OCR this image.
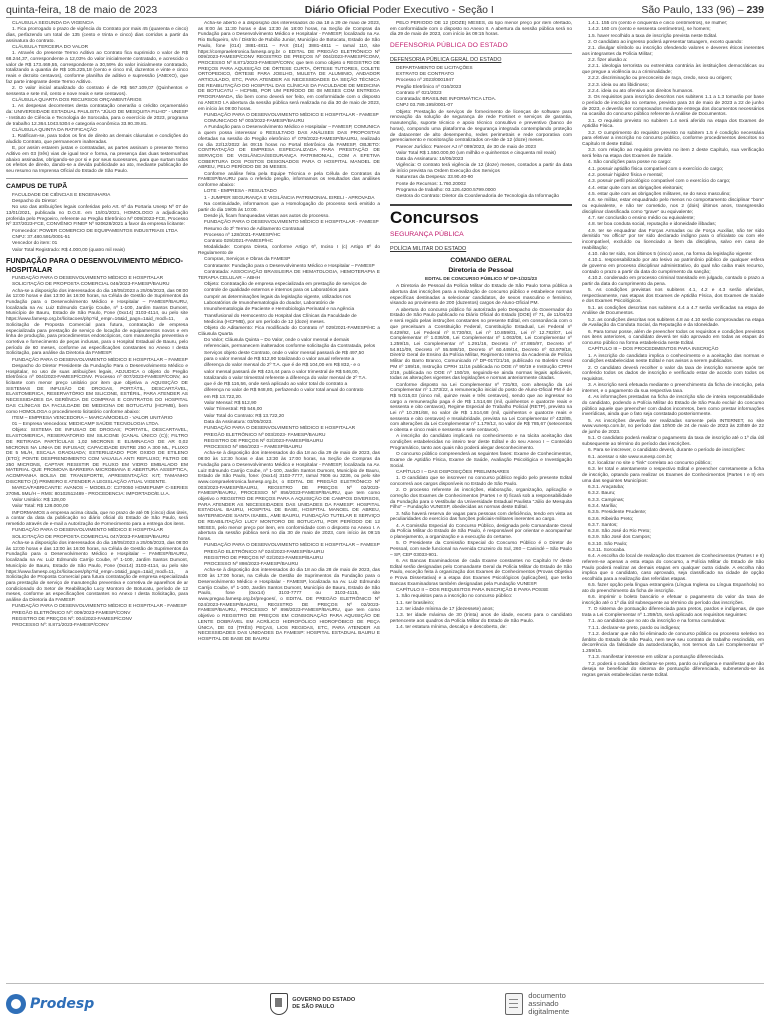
quinta-feira, 18 de maio de 2023	Diário Oficial Poder Executivo - Seção I	São Paulo, 133 (96) – 239

CLÁUSULA SEGUNDA DA VIGÊNCIA

1. Fica prorrogado o prazo de vigência do Contrato por mais 45 (quarenta e cinco) dias, perfazendo um total de 135 (cento e trinta e cinco) dias corridos a partir da assinatura do contrato.

CLÁUSULA TERCEIRA DO VALOR

1. Através do presente Termo Aditivo ao Contrato fica suprimido o valor de R$ 68.244,37, correspondente a 12,03% do valor inicialmente contratado, e acrescido o valor de R$ 173.469,55, correspondente a 30,59% do valor inicialmente contratado, totalizando a quantia de R$ 105.225,18 (cento e cinco mil, duzentos e vinte e cinco reais e dezoito centavos), conforme planilha de aditivo e supressão (ANEXO), que faz parte integrante deste Termo Aditivo.

2. O valor inicial atualizado do contrato é de R$ 567.109,07 (Quinhentos e sessenta e sete mil, cento e nove reais e sete centavos).

CLÁUSULA QUARTA DOS RECURSOS ORÇAMENTÁRIOS

1. As despesas decorrentes desta contratação onerarão o crédito orçamentário da: UNIVERSIDADE ESTADUAL PAULISTA "JÚLIO DE MESQUITA FILHO" - UNESP - Instituto de Ciência e Tecnologia de Sorocaba, para o exercício de 2023, programa de trabalho 12.364.1043.5304 e categoria econômica 33.90.39.81.

CLÁUSULA QUINTA DA RATIFICAÇÃO

1. Ratificam-se, para todos os fins de direito as demais cláusulas e condições do aludido Contrato, que permanecem inalteradas.

E, por assim estarem justas e contratadas, as partes assinam o presente Termo Aditivo em 03 (três) vias de igual teor e forma, na presença das duas testemunhas abaixo assinadas, obrigando-se por si e por seus sucessores, para que surtam todos os efeitos de direito, dando-se a devida publicidade ao ato, mediante publicação de seu resumo na Imprensa Oficial do Estado de São Paulo.

CAMPUS DE TUPÃ

FACULDADE DE CIÊNCIAS E ENGENHARIA

Despacho do Diretor:

No uso das atribuições legais conferidas pelo Art. 6º da Portaria Unesp Nº 07 de 13/01/2021, publicada no D.O.E. em 15/01/2021, HOMOLOGO a adjudicação proferida pelo Pregoeiro, referente ao Pregão Eletrônico Nº 009/2023-FCE, Processo Nº 337/2023-FCE, CONVÊNIO FINEP Nº 920628/2021 a favor da empresa licitante:

Fornecedor: POWER COMERCIO DE EQUIPAMENTOS INDUSTRIAIS LTDA

CNPJ: 37.480.591/0001-51

Vencedor do item: 01

Valor Total Registrado: R$ 4.000,00 (quatro mil reais)

FUNDAÇÃO PARA O DESENVOLVIMENTO MÉDICO-HOSPITALAR

FUNDAÇÃO PARA O DESENVOLVIMENTO MÉDICO E HOSPITALAR

SOLICITAÇÃO DE PROPOSTA COMERCIAL 046/2023-FAMESP/BAURU

Acha-se a disposição dos interessados do dia 18/05/2023 a 25/05/2023, das 08:00 às 12:00 horas e das 13:00 às 16:00 horas, na Célula de Gestão de Suprimentos da Fundação para o Desenvolvimento Médico e Hospitalar – FAMESP/BAURU, localizada na Av. Luiz Edmundo Carrijo Coube, nº 1-100, Jardim Santos Dumont, Município de Bauru, Estado de São Paulo, Fone (0xx14) 3103-4114, ou pelo site https://www.famesp.org.br/licitacoes/php?id_empr=16&id_pagn=1&id_modl=11, a Solicitação de Proposta Comercial para futura, contratação de empresa especializada para prestação de serviço de locação de equipamentos novos e em linha de produção, para procedimentos endoscópicos, com manutenção preventiva e corretiva e fornecimento de peças inclusas, para o Hospital Estadual de Bauru, pelo período de 60 meses, conforme as especificações constantes no Anexo I desta Solicitação, para análise da Diretoria da FAMESP.

FUNDAÇÃO PARA O DESENVOLVIMENTO MÉDICO E HOSPITALAR – FAMESP

Despacho do Diretor Presidente da Fundação Para o Desenvolvimento Médico e Hospitalar, no uso de suas atribuições legais, ADJUDICA o objeto do Pregão Eletrônico nº 004/2023-FAMESP/CONV. Processo nº 007/2023-FAMESP/CONV, ao licitante com menor preço unitário por item que objetiva a AQUISIÇÃO DE SISTEMAS DE INFUSÃO DE DROGAS, PORTÁTIL, DESCARTÁVEL, ELASTOMERICA, RESERVATÓRIO EM SILICONE, ESTÉRIL, PARA ATENDER AS NECESSIDADES DA GERÊNCIA DE COMPRAS E CONTRATOS DO HOSPITAL DAS CLÍNICAS DA FACULDADE DE MEDICINA DE BOTUCATU (HCFMB), bem como HOMOLOGA o procedimento licitatório conforme abaixo:

ITEM – EMPRESA VENCEDORA – MARCA/MODELO - VALOR UNITÁRIO

01 – Empresa Vencedora: MEDICAMP SAÚDE TECNOLOGIA LTDA.

Objeto: SISTEMA DE INFUSAO DE DROGAS; PORTATIL, DESCARTAVEL, ELASTOMERICA, RESERVATORIO EM SILICONE (CANAL ÚNICO (C)); FILTRO DE RETIRADA PARTÍCULAS 1,02 MICRONS E ELIMINACAO DE AR 0,02 MICRONS NA LINHA DE INFUSAO; CAPACIDADE ENTRE 250 A 300 ML, FLUXO DE 5 ML/H, ESCALA GRADUADA; ESTERILIZADO POR OXIDO DE ETILENO (ETO); PONTE DESPRENDIMENTO COM VALVULA ANTI REFLUXO; FILTRO DE 250 MICRONS, CAPTAR RESISTIR DE FLUXO EM VIDRO EMBALADO EM MATERIAL QUE PROMOVA BARREIRA MICROBIANA E ABERTURA ASSEPTICA, ACOMPANHA BOLSA DE TRANSPORTE, APRESENTAÇÃO: KIT; TAMANHO DISCRETO (3) PRIMEIRO E ATENDER A LEGISLAÇÃO ATUAL VIGENTE.

MARCA/FABRICANTE: AVANOS – MODELO: C270050 HOMEPUMP C-SERIES 270ML 5ML/H – RMS: 80102512489 - PROCEDENCIA: IMPORTADO/E.U.A.

Valor Unitário: R$ 128,00

Valor Total: R$ 128.000,00

INFORMAMOS a empresa acima citada, que no prazo de até 05 (cinco) dias úteis, a contar da data da publicação no diário oficial do Estado de São Paulo, será remetido através de e-mail a Autorização de Fornecimento para a entrega dos itens.

FUNDAÇÃO PARA O DESENVOLVIMENTO MÉDICO E HOSPITALAR

SOLICITAÇÃO DE PROPOSTA COMERCIAL 047/2023-FAMESP/BAURU

Acha-se a disposição dos interessados do dia 18/05/2023 a 25/05/2023, das 08:00 às 12:00 horas e das 13:00 às 16:00 horas, na Célula de Gestão de Suprimentos da Fundação para o Desenvolvimento Médico e Hospitalar – FAMESP/BAURU, localizada na Av. Luiz Edmundo Carrijo Coube, nº 1-100, Jardim Santos Dumont, Município de Bauru, Estado de São Paulo, Fone (0xx14) 3103-4114, ou pelo site https://www.famesp.org.br/licitacoes/php?id_empr=16&id_pagn=1&id_modl=11, a Solicitação de Proposta Comercial para futura contratação de empresa especializada para prestação de serviço de manutenção preventiva e corretiva de aparelhos de ar condicionado do Setor de Reabilitação Lucy Montoro de Botucatu, período de 12 meses, conforme as especificações constantes no Anexo I desta Solicitação, para análise da Diretoria da FAMESP.

FUNDAÇÃO PARA O DESENVOLVIMENTO MÉDICO E HOSPITALAR - FAMESP

PREGÃO ELETRÔNICO Nº: 009/2023-FAMESP/CONV

REGISTRO DE PREÇOS Nº: 004/2023-FAMESP/CONV

PROCESSO Nº: 8.871/2023-FAMESP/CONV

Acha-se aberto e à disposição dos interessados do dia 18 a 29 de maio de 2023, as 8:00 às 11:30 horas e das 13:30 às 18:00 horas, na Seção de Compras da Fundação para o Desenvolvimento Médico e Hospitalar - FAMESP, localizado na Av. Rio Bufiqueiro, s/n / Distrito de Rubião Junior, Município de Botucatu, Estado de São Paulo, fone (014) 3881-4811 – FAX (014) 3881-4811 – ramal 110, site https://compraeletronica.famesp.org.br o EDITAL DE PREGÃO ELETRÔNICO Nº 009/2023-FAMESP/CONV REGISTRO DE PREÇOS Nº 004/2023-FAMESP/CONV, PROCESSO Nº 8.871/2023-FAMESP/CONV, que tem como objeto o REGISTRO DE PREÇOS PARA AQUISIÇÃO DE ÓRTESE CURTA, ÓRTESE TUTORES, COLETE ORTOPEDICO, ÓRTESE PARA JOELHO, MULETA DE ALUMINIO, ANDADOR ARTICULADO, ETC, PARA ATENDER AS NECESSIDADES DA SEÇÃO TÉCNICA DE REABILITAÇÃO DO HOSPITAL DAS CLÍNICAS DA FACULDADE DE MEDICINA DE BOTUCATU – HCFMB, POR UM PERÍODO DE 08 MESES COM ENTREGA PROGRAMADA, tão bem como deverá ser feito, em conformidade com o disposto no ANEXO I.A abertura da sessão pública será realizada no dia 30 de maio de 2023, em início às 09:00 horas.

FUNDAÇÃO PARA O DESENVOLVIMENTO MÉDICO E HOSPITALAR - FAMESP

COMUNICADO Nº 003/2022-FAMESP/BAURU

A Fundação para o Desenvolvimento Médico e Hospitalar – FAMESP, COMUNICA a quem possa interessar o RESULTADO DAS ANÁLISES DAS PROPOSTAS ofertadas na sessão do Pregão eletrônico nº 079/2022-FAMESP/BAURU, realizado no dia 22/12/2022 às 09:15 horas no Portal Eletrônico da FAMESP, OBJETO: CONTRATAÇÃO DE EMPRESA ESPECIALIZADA PARA PRESTAÇÃO DE SERVIÇOS DE VIGILÂNCIA/SEGURANÇA PATRIMONIAL, COM A EFETIVA COBERTURA DOS POSTOS DESIGNADOS PARA O HOSPITAL MANOEL DE ABREU, PELO PERÍODO DE 36 MESES.

Conforme análise feita pela Equipe Técnica e pela Célula de Contratos da FAMESP/BAURU para o referido pregão, informamos os resultados das análises conforme abaixo:

LOTE - EMPRESA - RESULTADO

1 - JUMPER SEGURANÇA E VIGILÂNCIA PATRIMONIAL EIRELI - APROVADA

Na continuidade, informamos que a Homologação do processo será emitido a partir do dia 19/05 às 10:00.

Desde já, ficam franqueadas vistas aos autos do processo.

FUNDAÇÃO PARA O DESENVOLVIMENTO MÉDICO E HOSPITALAR - FAMESP

Resumo do 3º Termo de Aditamento Contratual

Processo nº 128/2021-FAMESP/HC

Contrato 029/2021-FAMESP/HC

Modalidade: Compra Direta, conforme Artigo 6º, Inciso I (c) Artigo 8º do Regulamento de

Compras, Serviços e Obras da FAMESP

Contratante: Fundação para o Desenvolvimento Médico e Hospitalar – FAMESP

Contratada: ASSOCIAÇÃO BRASILEIRA DE HEMATOLOGIA, HEMOTERAPIA E TERAPIA CELULAR – ABHH

Objeto: Contratação de empresa especializada em prestação de serviços de

controle de qualidade externos e internos para os Laboratórios para

cumprir as determinações legais da legislação vigente, utilizados nos

Laboratórios de Imunohematologia do doador, Laboratório de

Imunohematologia de Paciente e Hemobiologia Perinatal e na Agência

Transfusional do Hemocentro do Hospital das Clínicas da Faculdade de

Medicina (HCFMB), por um período de 12 (doze) meses.

Objeto do Aditamento: Fica modificado do Contrato nº 029/2021-FAMESP/HC a Cláusula Quarta

Do Valor; Cláusula Quinta – Do Valor, onde o valor mensal e demais

referenciais, permanecem inalterados conforme solicitação da Contratada, pelos

Serviços objeto deste Contrato, onde o valor mensal passará de R$ 497,50

para o valor mensal de R$ 512,90 totalizando o valor anual referente a

diferença do valor mensal do 2º T.A. que é de R$ 104,00 em R$ 832,- e o

valor mensal passará de R$ 424,44 para o valor trimestral de R$ 546,00,

totalizando o valor trimestral referente a diferença do valor mensal de 2º T.A.

que é de R$ 116,56, onde será aplicado ao valor total do contrato a

diferença no valor de R$ 948,80, perfazendo o valor total anual do contrato

em R$ 13.722,20.

Valor Mensal: R$ 512,90

Valor Trimestral: R$ 546,00

Valor Total do Contrato: R$ 13.722,20

Data da Assinatura: 03/05/2023.

FUNDAÇÃO PARA O DESENVOLVIMENTO MÉDICO E HOSPITALAR

PREGÃO ELETRÔNICO Nº 003/2023- FAMESP/BAURU

REGISTRO DE PREÇOS Nº 02/2023-FAMESP/BAURU

PROCESSO Nº 856/2023 – FAMESP/BAURU

Acha-se à disposição dos interessados do dia 18 ao dia 29 de maio de 2023, das 08:00 às 12:30 horas e das 13:30 às 17:00 horas, na Seção de Compras da Fundação para o Desenvolvimento Médico e Hospitalar - FAMESP, localizada na Av. Luiz Edmundo Carrijo Coube, nº 1-100, Jardim Santos Dumont, Município de Bauru, Estado de São Paulo, fone: (0xx14) 3103-7777, ramal 7606 ou 3236, ou pelo site www.compraeletronica.famesp.org.br, o EDITAL DE PREGÃO ELETRÔNICO Nº 003/2023-FAMESP/BAURU, REGISTRO DE PREÇOS Nº 02/2023-FAMESP/BAURU, PROCESSO Nº 856/2023-FAMESP/BAURU, que tem como objetivo o REGISTRO DE PREÇOS PARA A AQUISIÇÃO DE CAMPOS DIVERSOS, PARA ATENDER AS NECESSIDADES DAS UNIDADES DA FAMESP: HOSPITAL ESTADUAL BAURU, HOSPITAL DE BASE, HOSPITAL MANOEL DE ABREU, MATERNIDADE SANTA ISABEL, AME BAURU, FUNDAÇÃO TUTELAR E SERVIÇO DE REABILITAÇÃO LUCY MONTORO DE BOTUCATU, POR PERÍODO DE 12 MESES, pelo menor preço por item, em conformidade com o disposto no Anexo I. A abertura da sessão pública será no dia 30 de maio de 2023, com início às 09:15 horas.

FUNDAÇÃO PARA O DESENVOLVIMENTO MÉDICO E HOSPITALAR – FAMESP

PREGÃO ELETRÔNICO Nº 024/2023-FAMESP/BAURU

REGISTRO DE PREÇOS Nº 02/2023-FAMESP/BAURU

PROCESSO Nº 898/2023-FAMESP/BAURU

Acha-se à disposição dos interessados do dia 18 ao dia 28 de maio de 2023, das 8:00 às 17:00 horas, na Célula de Gestão de Suprimentos da Fundação para o Desenvolvimento Médico e Hospitalar - FAMESP, localizada na Av. Luiz Edmundo Carrijo Coube, nº 1-100, Jardim Santos Dumont, Município de Bauru, Estado de São Paulo, fone (0xx14) 3103-7777 ou 3103-4115, site www.pregao.famesp.org.br/pregoes/, o EDITAL DE PREGÃO ELETRÔNICO Nº 024/2023-FAMESP/BAURU, REGISTRO DE PREÇOS Nº 02/2023-FAMESP/BAURU, PROCESSO Nº 898/2023-FAMESP/BAURU, que tem como objetivo o REGISTRO DE PREÇOS EM CONSIGNAÇÃO PARA AQUISIÇÃO DE LENTE DOBRÁVEL EM ACRÍLICO HIDROFÓLICO HIDROFÓBICO DE PEÇA ÚNICA, DE 03 (TRÊS) PEÇAS, LIOS REGIDAS, ETC, PARA ATENDER AS NECESSIDADES DAS UNIDADES DA FAMESP: HOSPITAL ESTADUAL BAURU E HOSPITAL DE BASE DE BAURU

PELO PERÍODO DE 12 (DOZE) MESES, do tipo menor preço por item ofertado, em conformidade com o disposto no Anexo II. A abertura da sessão pública será no dia 29 de maio de 2023, com início às 09:15 horas.

DEFENSORIA PÚBLICA DO ESTADO
DEFENSORIA PÚBLICA GERAL DO ESTADO

DEPARTAMENTO DE LICITAÇÕES

EXTRATO DE CONTRATO

Processo nº 2023/0001947

Pregão Eletrônico nº 016/2023

Contrato nº 021/2023

Contratada: BRASILINE INFORMÁTICA LTDA.

CNPJ 03.789.195/0001-07

Objeto: Prestação de serviços de fornecimento de licenças de software para renovação da solução de segurança de rede Fortinet e serviços de garantia, manutenção, suporte técnico e apoio técnico consultivo e preventivo (banco de horas), compondo uma plataforma de segurança integrada contemplando proteção de datacenter de alto desempenho, redes perimetrais e rede corporativa com gerenciamento e monitoração centralizados on-site de 12 (doze) meses.

Parecer Jurídico: Parecer AJ nº 089/2023, de 30 de maio de 2023

Valor Total R$ 1.550.000,00 (um milhão e quinhentos e cinquenta mil reais)

Data da Assinatura: 16/05/2023

Vigência: O contrato terá vigência de 12 (doze) meses, contados a partir da data de início prevista na Ordem Execução dos Serviços

Naturezas da Despesa: 33.90.40-90

Fonte de Recursos: 1.760.20002

Programa de trabalho: 03.126.4200.5799.0000

Gestora do Contrato: Diretor da Coordenadoria de Tecnologia da Informação

Concursos
SEGURANÇA PÚBLICA
POLÍCIA MILITAR DO ESTADO
COMANDO GERAL
Diretoria de Pessoal

EDITAL DE CONCURSO PÚBLICO Nº DP-1/321/23

A Diretoria de Pessoal da Polícia Militar do Estado de São Paulo torna pública a abertura das inscrições para a realização de concurso público e estabelece normas específicas destinadas a selecionar candidatos, de sexos masculino e feminino, visando ao provimento de 200 (duzentos) cargos de Aluno-Oficial PM.

A abertura do concurso público foi autorizada pelo Despacho do Governador do Estado de São Paulo publicado no Diário Oficial do Estado (DOE) nº 71, de 11/04/23 e será regido pelas instruções constantes no presente Edital, em consonância com o que preceituam a Constituição Federal, Constituição Estadual, Lei Federal nº 8.429/92, Lei Federal nº 8.730/93, Lei nº 10.859/01, Lei nº 12.782/07, Lei Complementar nº 1.036/08, Lei Complementar nº 1.063/08, Lei Complementar nº 1.259/15, Lei Complementar nº 1.291/16, Decreto nº 47.865/97, Decreto nº 54.911/09, Decreto nº 55.588/10, Decreto nº 60.449/14, Decreto nº 63.979/18, Diretriz Geral de Ensino da Polícia Militar, Regimento Interno da Academia de Polícia Militar do Barro Branco, Comunicado nº DP-017/21/16, publicado no Boletim Geral PM nº 189/16, Instrução CPRH 11/16 publicada no DOE nº 90/19 e Instrução CPRH 2/19, publicada no DOE nº 150/19, seguindo-se ainda normas legais aplicáveis, todas as alterações vigentes das legislações e normas anteriormente citadas.

Conforme disposto na Lei Complementar nº 731/93, com alteração da Lei Complementar nº 1.373/22, a remuneração inicial do posto de Aluno-Oficial PM é de R$ 5.015,03 (cinco mil, quinze reais e três centavos), sendo que ao ingressar no cargo a remuneração paga é de R$ 1.514,68 (mil, quinhentos e quatorze reais e sessenta e oito centavos), Regime Especial de Trabalho Policial (RETP), previsto na Lei nº 10.291/68, no valor de R$ 1.514,68 (mil, quinhentos e quatorze reais e sessenta e oito centavos) e Insalubridade, prevista na Lei Complementar nº 432/85, com alterações da Lei Complementar nº 1.179/12, no valor de R$ 785,67 (setecentos e oitenta e cinco reais e sessenta e sete centavos).

A inscrição do candidato implicará no conhecimento e na tácita aceitação das condições estabelecidas no inteiro teor deste Edital e do seu Anexo I – Conteúdo Programático, tanto aos quais não poderá alegar desconhecimento.

O concurso público compreenderá as seguintes fases: Exame de Conhecimentos, Exame de Aptidão Física, Exame de Saúde, Avaliação Psicológica e Investigação Social.

CAPÍTULO I – DAS DISPOSIÇÕES PRELIMINARES

1. O candidato que se inscrever no concurso público regido pelo presente Edital concorrerá aos cargos disponíveis no Estado de São Paulo.

2. O processo referente às inscrições, elaboração, organização, aplicação e correção dos Exames de Conhecimentos (Partes I e II) ficará sob a responsabilidade da Fundação para o Vestibular da Universidade Estadual Paulista "Júlio de Mesquita Filho" – Fundação VUNESP, obedecidas as normas deste Edital.

3. Não haverá reserva de vagas para pessoas com deficiência, tendo em vista as peculiaridades do exercício das funções policiais-militares inerentes ao cargo.

4. A Comissão Especial do Concurso Público, designada pelo Comandante Geral da Polícia Militar do Estado de São Paulo, é responsável por orientar e acompanhar o planejamento, a organização e a execução do certame.

5. O Presidente da Comissão Especial do Concurso Público é o Diretor de Pessoal, com sede funcional na Avenida Cruzeiro do Sul, 260 – Canindé – São Paulo – SP, CEP 03033-901.

6. As Bancas Examinadoras de cada Exame constantes no Capítulo IV deste Edital serão designadas pelo Comandante Geral da Polícia Militar do Estado de São Paulo, exceção feita à organização dos Exames de Conhecimentos (Provas Objetiva e Prova Dissertativa) e a etapa dos Exames Psicológicos (aplicações), que terão Bancas Examinadoras também designadas pela Fundação VUNESP.

CAPÍTULO II – DOS REQUISITOS PARA INSCRIÇÃO E PARA POSSE

1. São requisitos para a inscrição no concurso público:

1.1. ser brasileiro;

1.2. ter idade mínima de 17 (dezessete) anos;

1.3. ter idade máxima de 30 (trinta) anos de idade, exceto para o candidato pertencente aos quadros da Polícia Militar do Estado de São Paulo.

1.4. ter estatura mínima, descalço e descoberto, de:

1.4.1. 155 cm (cento e cinquenta e cinco centímetros), se mulher;

1.4.2. 160 cm (cento e sessenta centímetros), se homem;

1.5. haver recolhido a taxa de inscrição prevista neste Edital.

2. O candidato ao ingresso poderá apresentar tatuagem, exceto quando:

2.1. divulgar símbolo ou inscrição ofendendo valores e deveres éticos inerentes aos integrantes da Polícia Militar;

2.2. fizer alusão a:

2.2.1. ideologia terrorista ou extremista contrária às instituições democráticas ou que pregue a violência ou a criminalidade;

2.2.2. discriminação ou preconceito de raça, credo, sexo ou origem;

2.2.3. ideia ou ato libidinoso;

2.2.4. ideia ou ato ofensivo aos direitos humanos.

3. Os requisitos para inscrição descritos nos subitens 1.1 a 1.3 tomarão por base o período de inscrição no certame, previsto para 24 de maio de 2023 a 22 de junho de 2023, e deverão ser comprovados mediante entrega dos documentos necessários na ocasião do concurso público referente à Análise de Documentos.

3.1. O requisito previsto no subitem 1.4 será aferido na etapa dos Exames de Aptidão Física.

3.2. O cumprimento do requisito previsto no subitem 1.5 é condição necessária para efetivar a inscrição no concurso público, conforme procedimentos descritos no Capítulo III deste Edital.

3.3. com relação ao requisito previsto no item 2 deste Capítulo, sua verificação será feita na etapa dos Exames de Saúde.

4. São condições para posse no cargo:

4.1. possuir aptidão física compatível com o exercício do cargo;

4.2. possuir higidez física e mental;

4.3. possuir perfil psicológico compatível com o exercício do cargo;

4.4. estar quite com as obrigações eleitorais;

4.5. estar quite com as obrigações militares, se do sexo masculino;

4.6. se militar, estar enquadrado pelo menos no comportamento disciplinar "bom" ou equivalente, e não ter cometido, nos 2 (dois) últimos anos, transgressão disciplinar classificada como "grave" ou equivalente;

4.7. ser conclusão o ensino médio ou equivalente;

4.8. ter boa conduta social, reputação e idoneidade ilibadas;

4.9. ter se enquadrar das Forças Armadas ou de Força Auxiliar, não ter sido demitido "ex officio" por ter sido declarado indigno para o oficialato ou com ele incompatível, excluído ou licenciado a bem da disciplina, salvo em caso de reabilitação;

4.10. não ter sido, nos últimos 5 (cinco) anos, na forma da legislação vigente:

4.10.1. responsabilizado por ato lesivo ao patrimônio público de qualquer esfera de governo em processo disciplinar administrativo, do qual não caiba mais recurso, contado o prazo a partir da data do cumprimento da sanção;

4.10.2. condenado em processo criminal transitado em julgado, contado o prazo a partir da data do cumprimento da pena.

5. As condições previstas nos subitens 4.1, 4.2 e 4.3 serão aferidas, respectivamente, nas etapas dos Exames de Aptidão Física, dos Exames de Saúde e dos Exames Psicológicos.

5.1. as condições descritas nos subitens 4.4 a 4.7 serão verificadas na etapa de Análise de Documentos.

5.2. as condições descritas nos subitens 4.8 ao 4.10 serão comprovadas na etapa de Avaliação da Conduta Social, da Reputação e da Idoneidade.

6. Para tomar posse, além de preencher todos os requisitos e condições previstos nos itens anteriores, o candidato deverá ter sido aprovado em todas as etapas do concurso público na forma estabelecida neste Edital.

CAPÍTULO III – DOS PROCEDIMENTOS PARA INSCRIÇÃO

1. A inscrição do candidato implica o conhecimento e a aceitação das normas e condições estabelecidas neste Edital e nos avisos a serem publicados.

2. O candidato deverá recolher o valor da taxa de inscrição somente após ter conferido todos os dados de inscrição e verificado estar de acordo com todos os requisitos.

3. A inscrição será efetuada mediante o preenchimento da ficha de inscrição, pela internet, e o pagamento da sua respectiva taxa.

4. As informações prestadas na ficha de inscrição são de inteira responsabilidade do candidato, podendo a Polícia Militar do Estado de São Paulo excluir do concurso público aquele que preencher com dados incorretos, bem como prestar informações inverídicas, ainda que o fato seja constatado posteriormente.

5. As inscrições deverão ser realizadas somente pela INTERNET, no site www.vunesp.com.br, no período das 10h00 de 24 de maio de 2023 às 23h59 de 22 de junho de 2023.

5.1. O candidato poderá realizar o pagamento da taxa de inscrição até o 1º dia útil subsequente ao término do período das inscrições.

6. Para se inscrever, o candidato deverá, durante o período de inscrições:

6.1. acessar o site www.vunesp.com.br;

6.2. localizar no site o "link" correlato ao concurso público;

6.3. ler total e atentamente o respectivo Edital e preencher corretamente a ficha de inscrição, optando para realizar os Exames de Conhecimentos (Partes I e II) em uma das seguintes Municípios:

6.3.1. Araçatuba;

6.3.2. Bauru;

6.3.3. Campinas;

6.3.4. Marília;

6.3.5. Presidente Prudente;

6.3.6. Ribeirão Preto;

6.3.7. Santos;

6.3.8. São José do Rio Preto;

6.3.9. São José dos Campos;

6.3.10. São Paulo;

6.3.11. Sorocaba.

6.4. A escolha do local de realização dos Exames de Conhecimentos (Partes I e II) referem-se apenas a esta etapa do concurso, a Polícia Militar do Estado de São Paulo poderá realizar as demais etapas em qualquer outra cidade. A escolha não implica que o candidato, caso aprovado, seja classificado na cidade de opção escolhida para a realização das referidas etapas.

6.5. fazer opção pela língua estrangeira (Língua Inglesa ou Língua Espanhola) no ato do preenchimento da ficha de inscrição.

6.6. imprimir o boleto bancário e efetuar o pagamento do valor da taxa de inscrição até o 1º dia útil subsequente ao término do período das inscrições.

7. O sistema de pontuação diferenciada para pretos, pardos e indígenas, de que trata a Lei Complementar nº 1.259/15, será aplicado aos requisitos seguintes:

7.1. ao candidato que no ato da inscrição e na forma cumulativa:

7.1.1. declarar-se preto, pardo ou indígena;

7.1.2. declarar que não foi eliminado de concurso público ou processo seletivo no âmbito do Estado de São Paulo, nem teve seu contrato de trabalho rescindido, em decorrência da falsidade da autodeclaração, nos termos da Lei Complementar nº 1.259/15.

7.1.3. manifestar interesse em utilizar a pontuação diferenciada.

7.2. poderá o candidato declarar-se preto, pardo ou indígena e manifestar que não deseja se beneficiar do sistema de pontuação diferenciada, submetendo-se às regras gerais estabelecidas neste Edital.

Prodesp	GOVERNO DO ESTADO
DE SÃO PAULO
documento
assinado
digitalmente
